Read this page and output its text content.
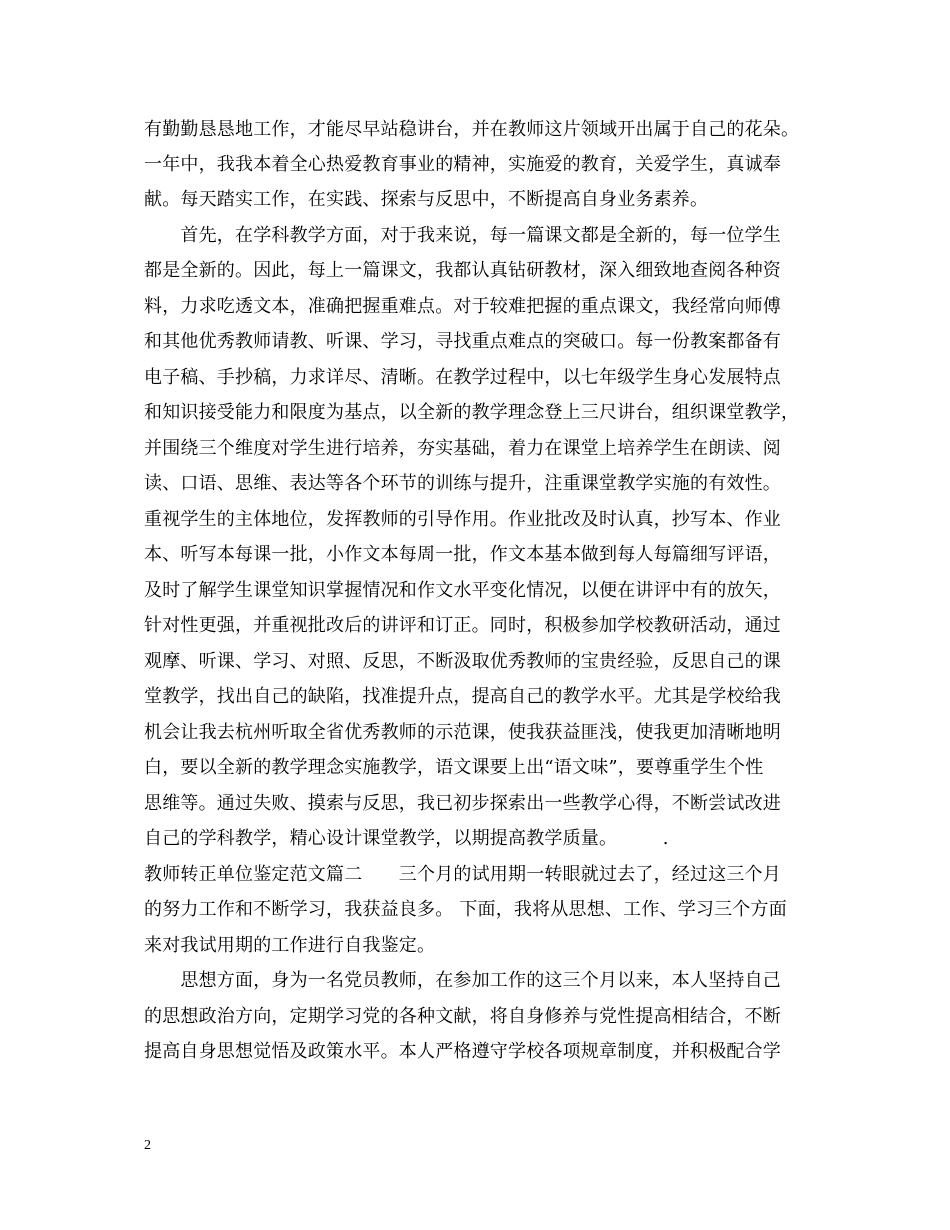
有勤勤恳恳地工作，才能尽早站稳讲台，并在教师这片领域开出属于自己的花朵。
一年中，我我本着全心热爱教育事业的精神，实施爱的教育，关爱学生，真诚奉
献。每天踏实工作，在实践、探索与反思中，不断提高自身业务素养。
　　首先，在学科教学方面，对于我来说，每一篇课文都是全新的，每一位学生
都是全新的。因此，每上一篇课文，我都认真钻研教材，深入细致地查阅各种资
料，力求吃透文本，准确把握重难点。对于较难把握的重点课文，我经常向师傅
和其他优秀教师请教、听课、学习，寻找重点难点的突破口。每一份教案都备有
电子稿、手抄稿，力求详尽、清晰。在教学过程中，以七年级学生身心发展特点
和知识接受能力和限度为基点，以全新的教学理念登上三尺讲台，组织课堂教学，
并围绕三个维度对学生进行培养，夯实基础，着力在课堂上培养学生在朗读、阅
读、口语、思维、表达等各个环节的训练与提升，注重课堂教学实施的有效性。
重视学生的主体地位，发挥教师的引导作用。作业批改及时认真，抄写本、作业
本、听写本每课一批，小作文本每周一批，作文本基本做到每人每篇细写评语，
及时了解学生课堂知识掌握情况和作文水平变化情况，以便在讲评中有的放矢，
针对性更强，并重视批改后的讲评和订正。同时，积极参加学校教研活动，通过
观摩、听课、学习、对照、反思，不断汲取优秀教师的宝贵经验，反思自己的课
堂教学，找出自己的缺陷，找准提升点，提高自己的教学水平。尤其是学校给我
机会让我去杭州听取全省优秀教师的示范课，使我获益匪浅，使我更加清晰地明
白，要以全新的教学理念实施教学，语文课要上出“语文味”，要尊重学生个性
思维等。通过失败、摸索与反思，我已初步探索出一些教学心得，不断尝试改进
自己的学科教学，精心设计课堂教学，以期提高教学质量。　　　.
教师转正单位鉴定范文篇二　　三个月的试用期一转眼就过去了，经过这三个月
的努力工作和不断学习，我获益良多。 下面，我将从思想、工作、学习三个方面
来对我试用期的工作进行自我鉴定。
　　思想方面，身为一名党员教师，在参加工作的这三个月以来，本人坚持自己
的思想政治方向，定期学习党的各种文献，将自身修养与党性提高相结合，不断
提高自身思想觉悟及政策水平。本人严格遵守学校各项规章制度，并积极配合学
2
